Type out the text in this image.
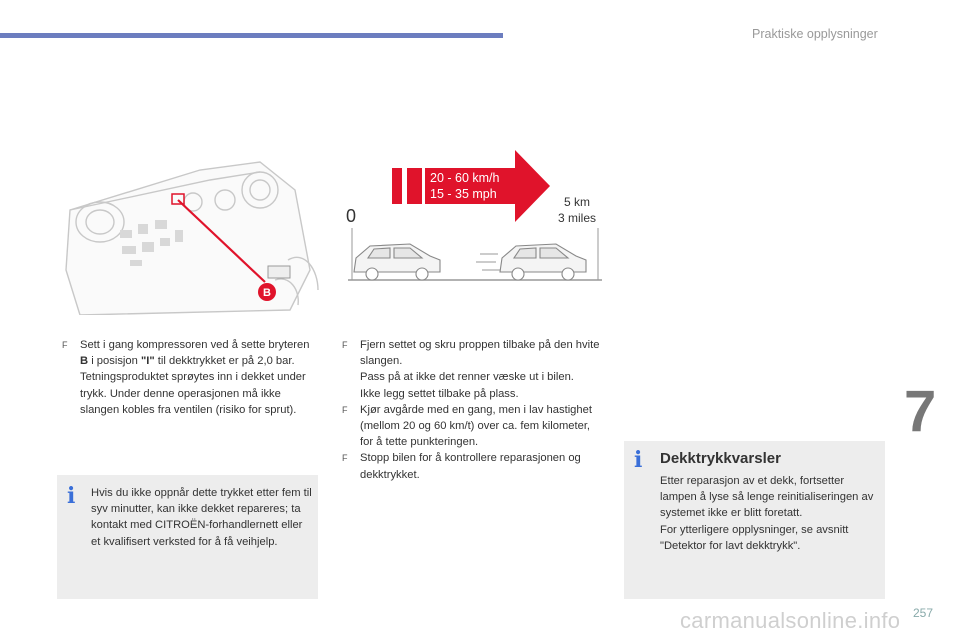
Praktiske opplysninger
B
20 - 60 km/h
15 - 35 mph
0
5 km
3 miles
F Sett i gang kompressoren ved å sette bryteren B i posisjon "I" til dekktrykket er på 2,0 bar.
Tetningsproduktet sprøytes inn i dekket under trykk. Under denne operasjonen må ikke slangen kobles fra ventilen (risiko for sprut).
i	Hvis du ikke oppnår dette trykket etter fem til syv minutter, kan ikke dekket repareres; ta kontakt med CITROËN-forhandlernett eller et kvalifisert verksted for å få veihjelp.
F Fjern settet og skru proppen tilbake på den hvite slangen.
Pass på at ikke det renner væske ut i bilen.
Ikke legg settet tilbake på plass.
F Kjør avgårde med en gang, men i lav hastighet (mellom 20 og 60 km/t) over ca. fem kilometer, for å tette punkteringen.
F Stopp bilen for å kontrollere reparasjonen og dekktrykket.
i Dekktrykkvarsler
Etter reparasjon av et dekk, fortsetter lampen å lyse så lenge reinitialiseringen av systemet ikke er blitt foretatt.
For ytterligere opplysninger, se avsnitt "Detektor for lavt dekktrykk".
7
carmanualsonline.info 257
